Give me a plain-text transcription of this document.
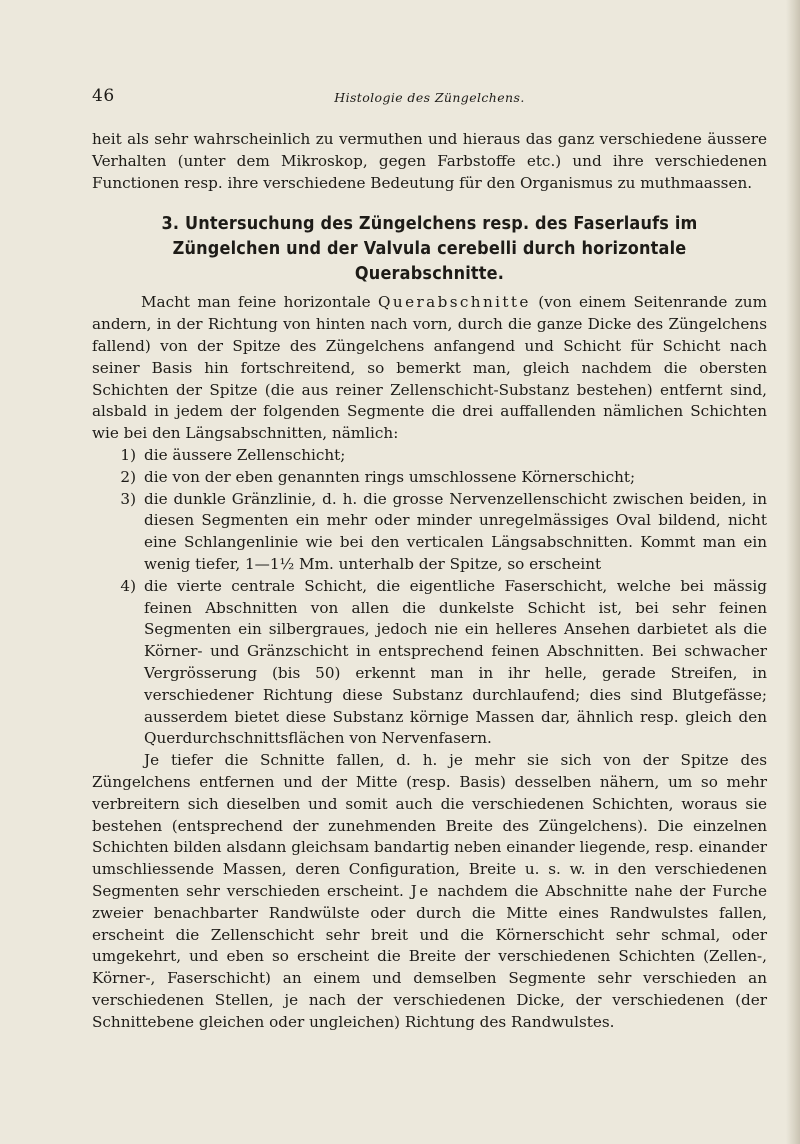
46	Histologie des Züngelchens.

heit als sehr wahrscheinlich zu vermuthen und hieraus das ganz verschiedene äussere Verhalten (unter dem Mikroskop, gegen Farbstoffe etc.) und ihre verschiedenen Functionen resp. ihre verschiedene Bedeutung für den Organismus zu muthmaassen.

3. Untersuchung des Züngelchens resp. des Faserlaufs im Züngelchen und der Valvula cerebelli durch horizontale Querabschnitte.

Macht man feine horizontale Querabschnitte (von einem Seitenrande zum andern, in der Richtung von hinten nach vorn, durch die ganze Dicke des Züngelchens fallend) von der Spitze des Züngelchens anfangend und Schicht für Schicht nach seiner Basis hin fortschreitend, so bemerkt man, gleich nachdem die obersten Schichten der Spitze (die aus reiner Zellenschicht-Substanz bestehen) entfernt sind, alsbald in jedem der folgenden Segmente die drei auffallenden nämlichen Schichten wie bei den Längsabschnitten, nämlich:

1) die äussere Zellenschicht;
2) die von der eben genannten rings umschlossene Körnerschicht;
3) die dunkle Gränzlinie, d. h. die grosse Nervenzellenschicht zwischen beiden, in diesen Segmenten ein mehr oder minder unregelmässiges Oval bildend, nicht eine Schlangenlinie wie bei den verticalen Längsabschnitten. Kommt man ein wenig tiefer, 1—1½ Mm. unterhalb der Spitze, so erscheint
4) die vierte centrale Schicht, die eigentliche Faserschicht, welche bei mässig feinen Abschnitten von allen die dunkelste Schicht ist, bei sehr feinen Segmenten ein silbergraues, jedoch nie ein helleres Ansehen darbietet als die Körner- und Gränzschicht in entsprechend feinen Abschnitten. Bei schwacher Vergrösserung (bis 50) erkennt man in ihr helle, gerade Streifen, in verschiedener Richtung diese Substanz durchlaufend; dies sind Blutgefässe; ausserdem bietet diese Substanz körnige Massen dar, ähnlich resp. gleich den Querdurchschnittsflächen von Nervenfasern.

Je tiefer die Schnitte fallen, d. h. je mehr sie sich von der Spitze des Züngelchens entfernen und der Mitte (resp. Basis) desselben nähern, um so mehr verbreitern sich dieselben und somit auch die verschiedenen Schichten, woraus sie bestehen (entsprechend der zunehmenden Breite des Züngelchens). Die einzelnen Schichten bilden alsdann gleichsam bandartig neben einander liegende, resp. einander umschliessende Massen, deren Configuration, Breite u. s. w. in den verschiedenen Segmenten sehr verschieden erscheint. Je nachdem die Abschnitte nahe der Furche zweier benachbarter Randwülste oder durch die Mitte eines Randwulstes fallen, erscheint die Zellenschicht sehr breit und die Körnerschicht sehr schmal, oder umgekehrt, und eben so erscheint die Breite der verschiedenen Schichten (Zellen-, Körner-, Faserschicht) an einem und demselben Segmente sehr verschieden an verschiedenen Stellen, je nach der verschiedenen Dicke, der verschiedenen (der Schnittebene gleichen oder ungleichen) Richtung des Randwulstes.
